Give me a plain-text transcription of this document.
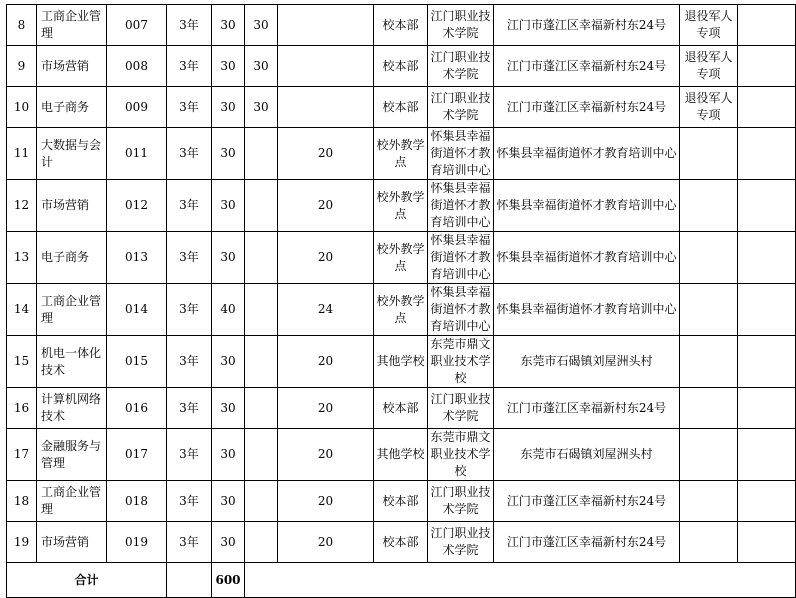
8	工商企业管理	007	3年	30	30		校本部	江门职业技术学院	江门市蓬江区幸福新村东24号	退役军人专项	
9	市场营销	008	3年	30	30		校本部	江门职业技术学院	江门市蓬江区幸福新村东24号	退役军人专项	
10	电子商务	009	3年	30	30		校本部	江门职业技术学院	江门市蓬江区幸福新村东24号	退役军人专项	
11	大数据与会计	011	3年	30		20	校外教学点	怀集县幸福街道怀才教育培训中心	怀集县幸福街道怀才教育培训中心		
12	市场营销	012	3年	30		20	校外教学点	怀集县幸福街道怀才教育培训中心	怀集县幸福街道怀才教育培训中心		
13	电子商务	013	3年	30		20	校外教学点	怀集县幸福街道怀才教育培训中心	怀集县幸福街道怀才教育培训中心		
14	工商企业管理	014	3年	40		24	校外教学点	怀集县幸福街道怀才教育培训中心	怀集县幸福街道怀才教育培训中心		
15	机电一体化技术	015	3年	30		20	其他学校	东莞市鼎文职业技术学校	东莞市石碣镇刘屋洲头村		
16	计算机网络技术	016	3年	30		20	校本部	江门职业技术学院	江门市蓬江区幸福新村东24号		
17	金融服务与管理	017	3年	30		20	其他学校	东莞市鼎文职业技术学校	东莞市石碣镇刘屋洲头村		
18	工商企业管理	018	3年	30		20	校本部	江门职业技术学院	江门市蓬江区幸福新村东24号		
19	市场营销	019	3年	30		20	校本部	江门职业技术学院	江门市蓬江区幸福新村东24号		
合计				600							
